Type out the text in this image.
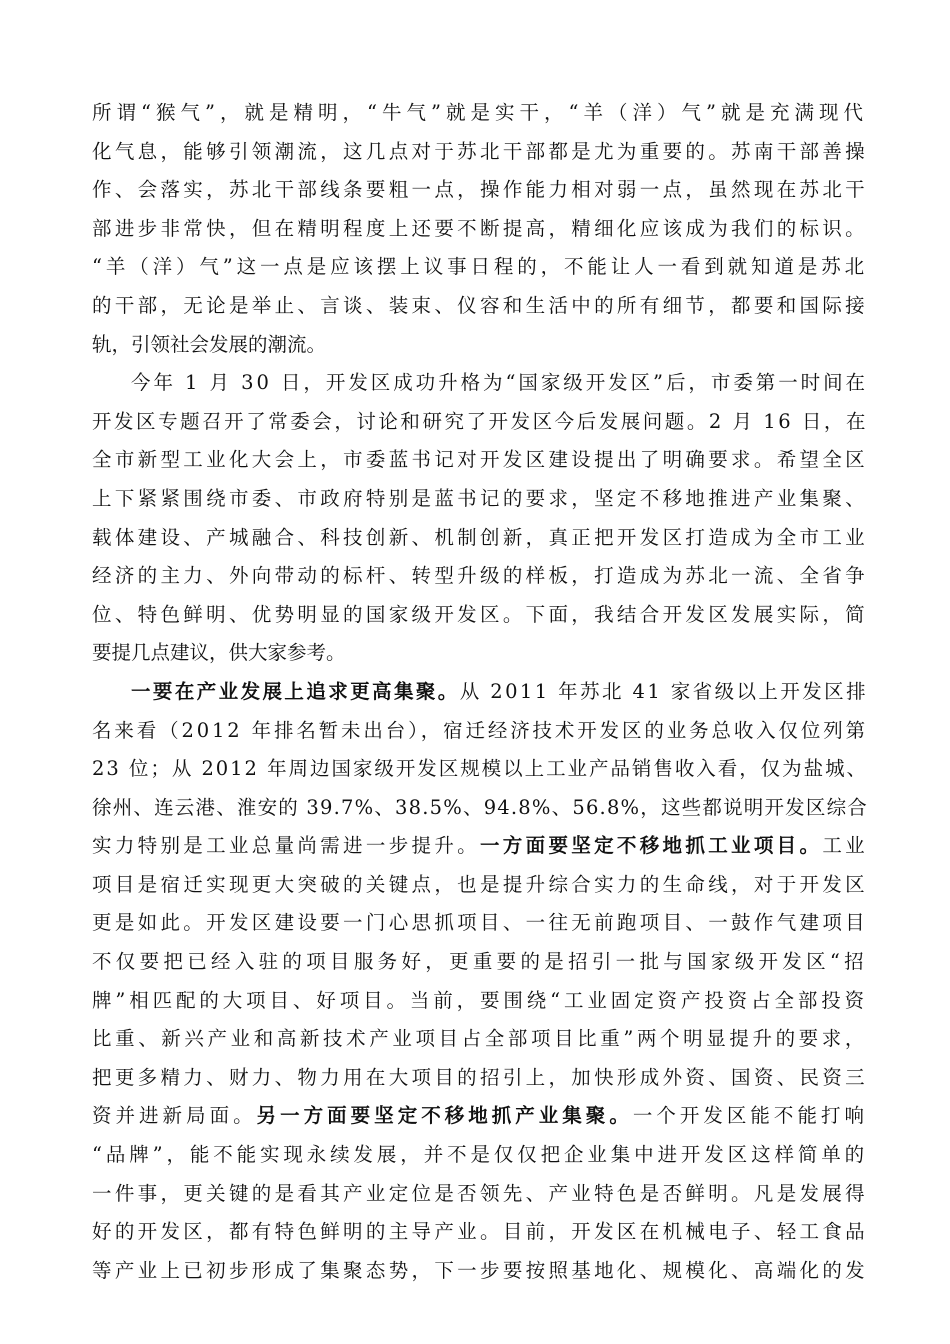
所谓“猴气”，就是精明，“牛气”就是实干，“羊（洋）气”就是充满现代
化气息，能够引领潮流，这几点对于苏北干部都是尤为重要的。苏南干部善操
作、会落实，苏北干部线条要粗一点，操作能力相对弱一点，虽然现在苏北干
部进步非常快，但在精明程度上还要不断提高，精细化应该成为我们的标识。
“羊（洋）气”这一点是应该摆上议事日程的，不能让人一看到就知道是苏北
的干部，无论是举止、言谈、装束、仪容和生活中的所有细节，都要和国际接
轨，引领社会发展的潮流。
今年 1 月 30 日，开发区成功升格为“国家级开发区”后，市委第一时间在
开发区专题召开了常委会，讨论和研究了开发区今后发展问题。2 月 16 日，在
全市新型工业化大会上，市委蓝书记对开发区建设提出了明确要求。希望全区
上下紧紧围绕市委、市政府特别是蓝书记的要求，坚定不移地推进产业集聚、
载体建设、产城融合、科技创新、机制创新，真正把开发区打造成为全市工业
经济的主力、外向带动的标杆、转型升级的样板，打造成为苏北一流、全省争
位、特色鲜明、优势明显的国家级开发区。下面，我结合开发区发展实际，简
要提几点建议，供大家参考。
一要在产业发展上追求更高集聚。 从 2011 年苏北 41 家省级以上开发区排
名来看（2012 年排名暂未出台），宿迁经济技术开发区的业务总收入仅位列第
23 位；从 2012 年周边国家级开发区规模以上工业产品销售收入看，仅为盐城、
徐州、连云港、淮安的 39.7%、38.5%、94.8%、56.8%，这些都说明开发区综合
实力特别是工业总量尚需进一步提升。 一方面要坚定不移地抓工业项目。 工业
项目是宿迁实现更大突破的关键点，也是提升综合实力的生命线，对于开发区
更是如此。开发区建设要一门心思抓项目、一往无前跑项目、一鼓作气建项目
不仅要把已经入驻的项目服务好，更重要的是招引一批与国家级开发区“招
牌”相匹配的大项目、好项目。当前，要围绕“工业固定资产投资占全部投资
比重、新兴产业和高新技术产业项目占全部项目比重”两个明显提升的要求，
把更多精力、财力、物力用在大项目的招引上，加快形成外资、国资、民资三
资并进新局面。 另一方面要坚定不移地抓产业集聚。 一个开发区能不能打响
“品牌”，能不能实现永续发展，并不是仅仅把企业集中进开发区这样简单的
一件事，更关键的是看其产业定位是否领先、产业特色是否鲜明。凡是发展得
好的开发区，都有特色鲜明的主导产业。目前，开发区在机械电子、轻工食品
等产业上已初步形成了集聚态势，下一步要按照基地化、规模化、高端化的发
